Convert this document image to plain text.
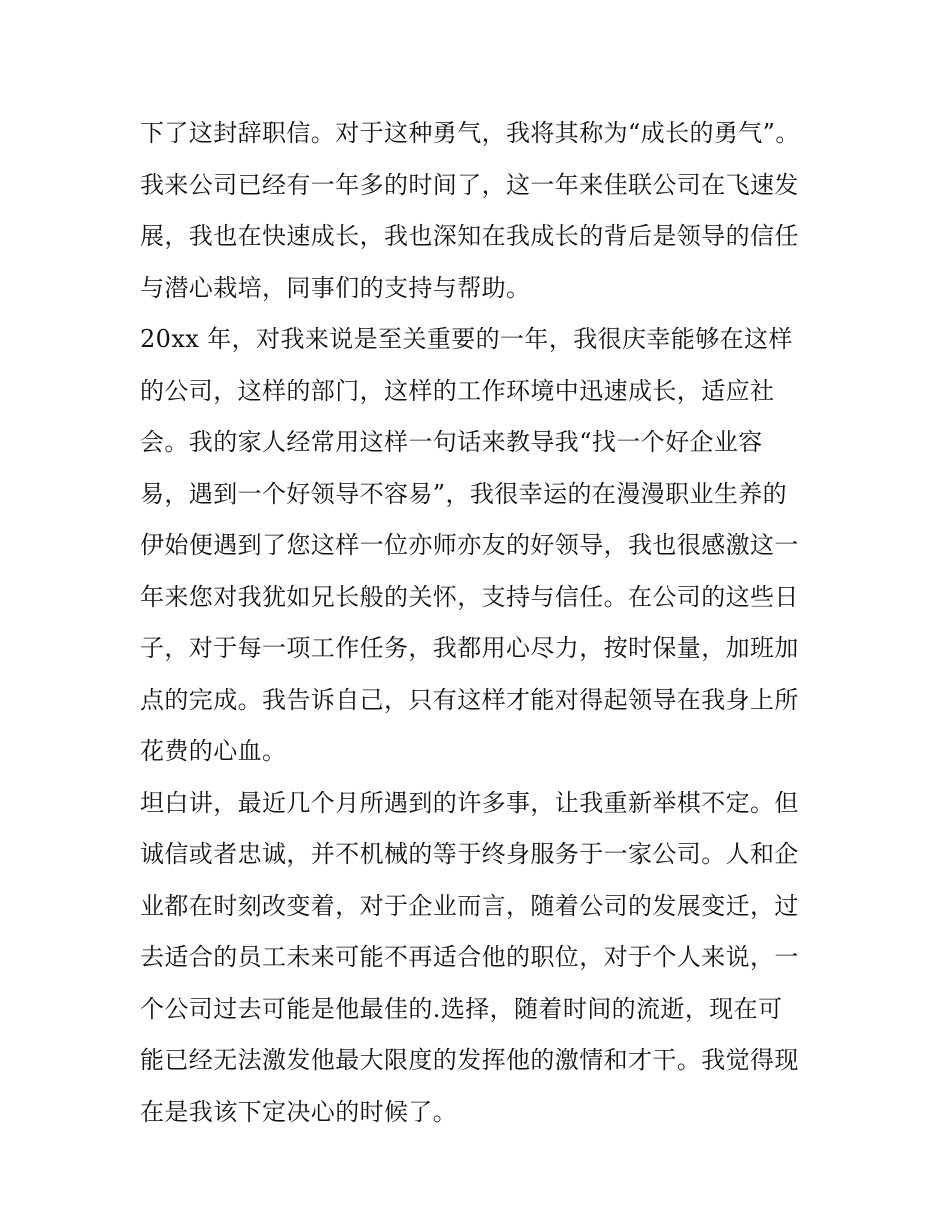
下了这封辞职信。对于这种勇气，我将其称为“成长的勇气”。
我来公司已经有一年多的时间了，这一年来佳联公司在飞速发
展，我也在快速成长，我也深知在我成长的背后是领导的信任
与潜心栽培，同事们的支持与帮助。
20xx 年，对我来说是至关重要的一年，我很庆幸能够在这样
的公司，这样的部门，这样的工作环境中迅速成长，适应社
会。我的家人经常用这样一句话来教导我“找一个好企业容
易，遇到一个好领导不容易”，我很幸运的在漫漫职业生养的
伊始便遇到了您这样一位亦师亦友的好领导，我也很感激这一
年来您对我犹如兄长般的关怀，支持与信任。在公司的这些日
子，对于每一项工作任务，我都用心尽力，按时保量，加班加
点的完成。我告诉自己，只有这样才能对得起领导在我身上所
花费的心血。
坦白讲，最近几个月所遇到的许多事，让我重新举棋不定。但
诚信或者忠诚，并不机械的等于终身服务于一家公司。人和企
业都在时刻改变着，对于企业而言，随着公司的发展变迁，过
去适合的员工未来可能不再适合他的职位，对于个人来说，一
个公司过去可能是他最佳的.选择，随着时间的流逝，现在可
能已经无法激发他最大限度的发挥他的激情和才干。我觉得现
在是我该下定决心的时候了。
